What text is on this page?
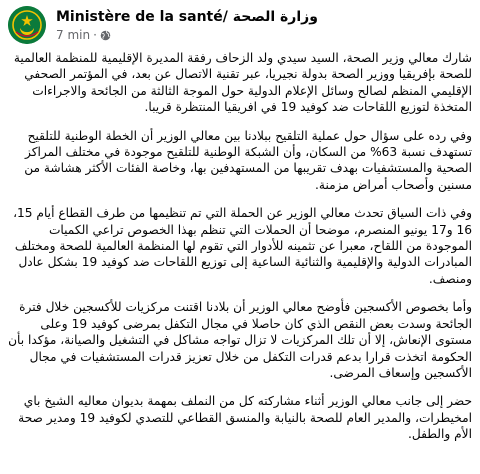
Ministère de la santé/ وزارة الصحة
7 min ·

شارك معالي وزير الصحة، السيد سيدي ولد الزحاف رفقة المديرة الإقليمية للمنظمة العالمية للصحة بإفريقيا ووزير الصحة بدولة نجيريا، عبر تقنية الاتصال عن بعد، في المؤتمر الصحفي الإقليمي المنظم لصالح وسائل الإعلام الدولية حول الموجة الثالثة من الجائحة والاجراءات المتخذة لتوزيع اللقاحات ضد كوفيد 19 في افريقيا المنتظرة قريبا.

وفي رده على سؤال حول عملية التلقيح ببلادنا بين معالي الوزير أن الخطة الوطنية للتلقيح تستهدف نسبة 63% من السكان، وأن الشبكة الوطنية للتلقيح موجودة في مختلف المراكز الصحية والمستشفيات بهدف تقريبها من المستهدفين بها، وخاصة الفئات الأكثر هشاشة من مسنين وأصحاب أمراض مزمنة.

وفي ذات السياق تحدث معالي الوزير عن الحملة التي تم تنظيمها من طرف القطاع أيام 15، 16 و17 يونيو المنصرم، موضحا أن الحملات التي تنظم بهذا الخصوص تراعي الكميات الموجودة من اللقاح، معبرا عن تثمينه للأدوار التي تقوم لها المنظمة العالمية للصحة ومختلف المبادرات الدولية والإقليمية والثنائية الساعية إلى توزيع اللقاحات ضد كوفيد 19 بشكل عادل ومنصف.

وأما بخصوص الأكسجين فأوضح معالي الوزير أن بلادنا اقتنت مركزيات للأكسجين خلال فترة الجائحة وسدت بعض النقص الذي كان حاصلا في مجال التكفل بمرضى كوفيد 19 وعلى مستوى الإنعاش، إلا أن تلك المركزيات لا تزال تواجه مشاكل في التشغيل والصيانة، مؤكدا بأن الحكومة اتخذت قرارا بدعم قدرات التكفل من خلال تعزيز قدرات المستشفيات في مجال الأكسجين وإسعاف المرضى.

حضر إلى جانب معالي الوزير أثناء مشاركته كل من النملف بمهمة بديوان معاليه الشيخ باي امخيطرات، والمدير العام للصحة بالنيابة والمنسق القطاعي للتصدي لكوفيد 19 ومدير صحة الأم والطفل.
